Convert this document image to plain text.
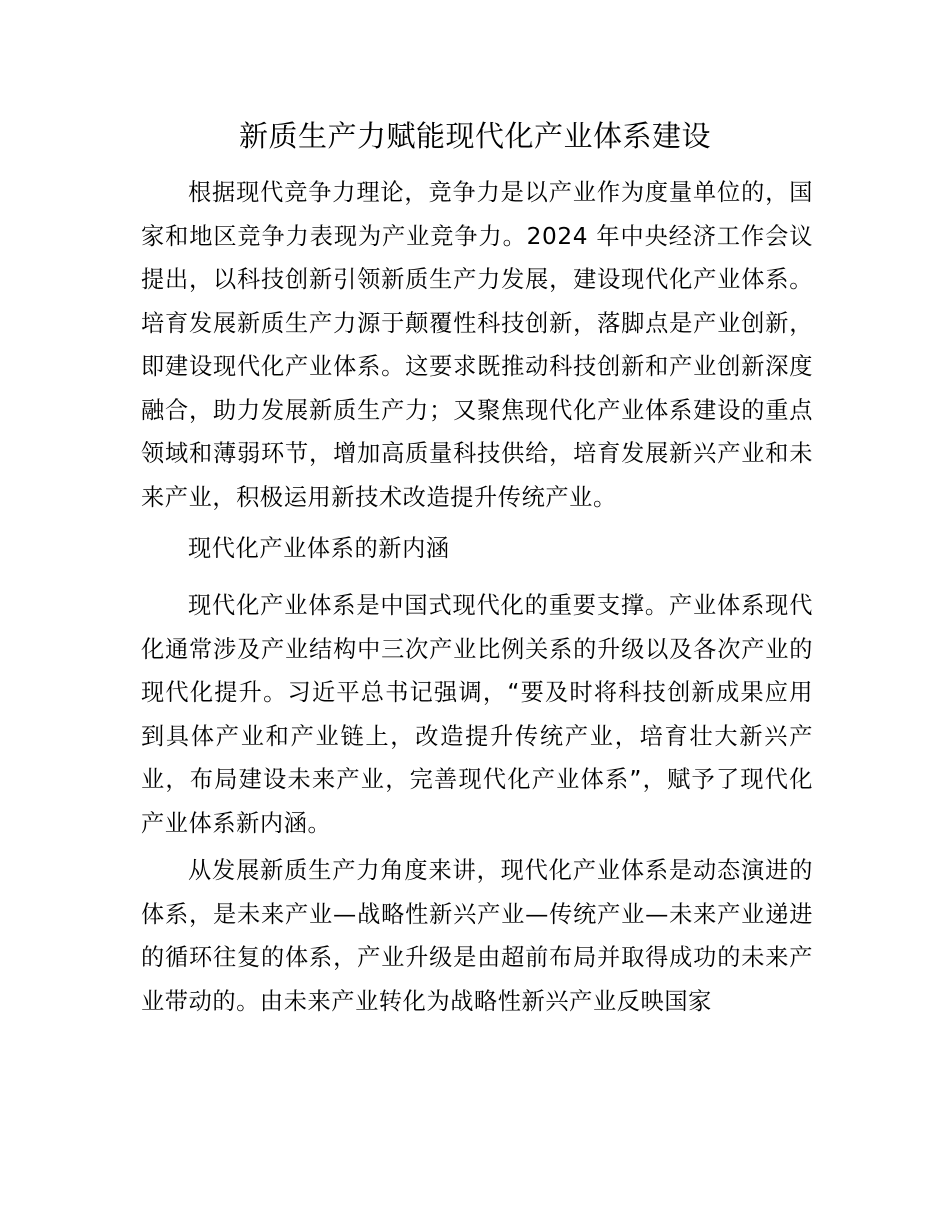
新质生产力赋能现代化产业体系建设

根据现代竞争力理论，竞争力是以产业作为度量单位的，国家和地区竞争力表现为产业竞争力。2024 年中央经济工作会议提出，以科技创新引领新质生产力发展，建设现代化产业体系。培育发展新质生产力源于颠覆性科技创新，落脚点是产业创新，即建设现代化产业体系。这要求既推动科技创新和产业创新深度融合，助力发展新质生产力；又聚焦现代化产业体系建设的重点领域和薄弱环节，增加高质量科技供给，培育发展新兴产业和未来产业，积极运用新技术改造提升传统产业。

现代化产业体系的新内涵

现代化产业体系是中国式现代化的重要支撑。产业体系现代化通常涉及产业结构中三次产业比例关系的升级以及各次产业的现代化提升。习近平总书记强调，“要及时将科技创新成果应用到具体产业和产业链上，改造提升传统产业，培育壮大新兴产业，布局建设未来产业，完善现代化产业体系”，赋予了现代化产业体系新内涵。

从发展新质生产力角度来讲，现代化产业体系是动态演进的体系，是未来产业—战略性新兴产业—传统产业—未来产业递进的循环往复的体系，产业升级是由超前布局并取得成功的未来产业带动的。由未来产业转化为战略性新兴产业反映国家
